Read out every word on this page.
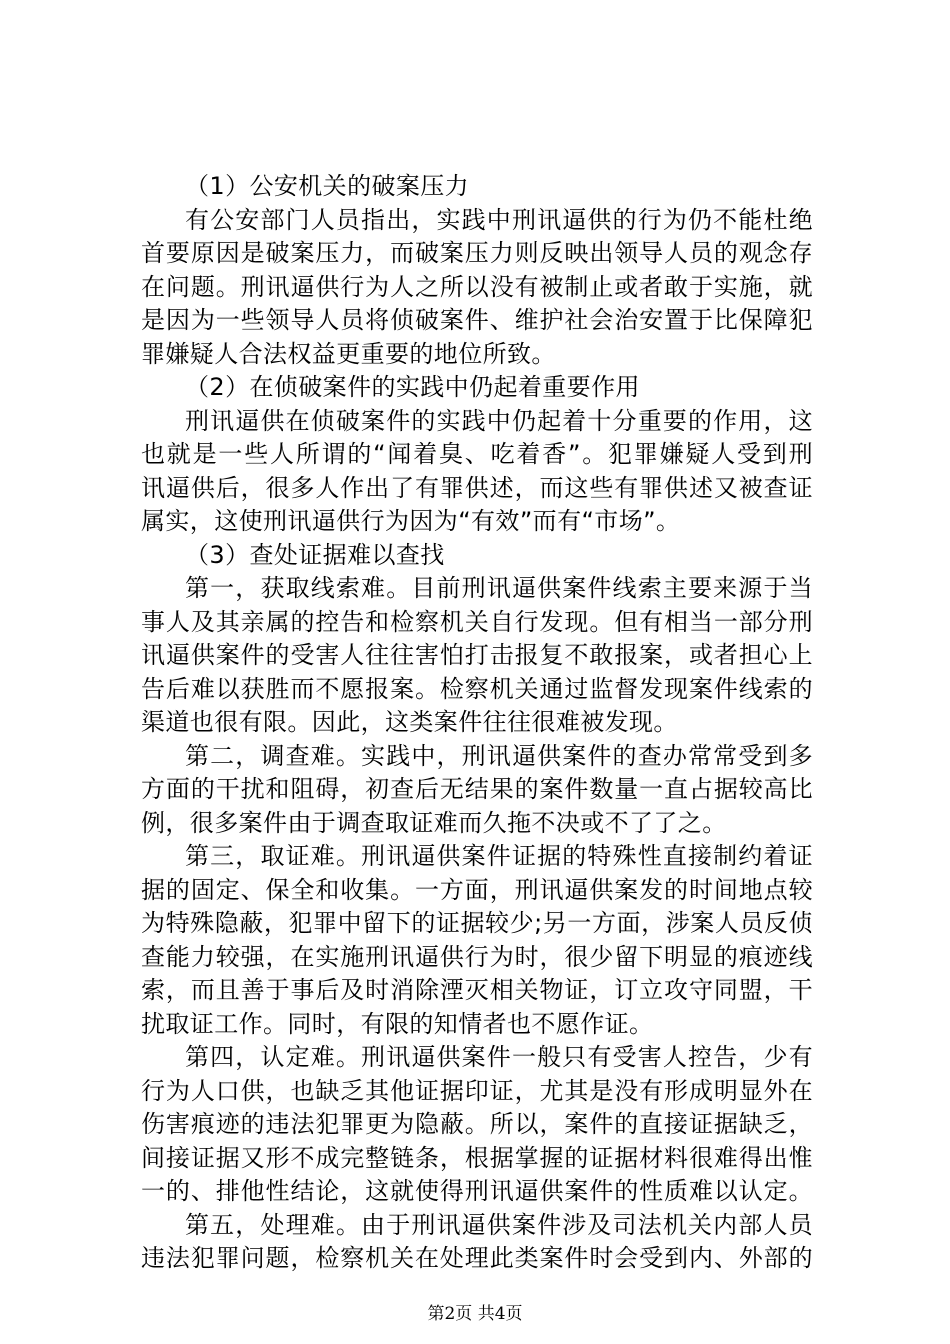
（1）公安机关的破案压力
有公安部门人员指出，实践中刑讯逼供的行为仍不能杜绝
首要原因是破案压力，而破案压力则反映出领导人员的观念存
在问题。刑讯逼供行为人之所以没有被制止或者敢于实施，就
是因为一些领导人员将侦破案件、维护社会治安置于比保障犯
罪嫌疑人合法权益更重要的地位所致。
（2）在侦破案件的实践中仍起着重要作用
刑讯逼供在侦破案件的实践中仍起着十分重要的作用，这
也就是一些人所谓的“闻着臭、吃着香”。犯罪嫌疑人受到刑
讯逼供后，很多人作出了有罪供述，而这些有罪供述又被查证
属实，这使刑讯逼供行为因为“有效”而有“市场”。
（3）查处证据难以查找
第一，获取线索难。目前刑讯逼供案件线索主要来源于当
事人及其亲属的控告和检察机关自行发现。但有相当一部分刑
讯逼供案件的受害人往往害怕打击报复不敢报案，或者担心上
告后难以获胜而不愿报案。检察机关通过监督发现案件线索的
渠道也很有限。因此，这类案件往往很难被发现。
第二，调查难。实践中，刑讯逼供案件的查办常常受到多
方面的干扰和阻碍，初查后无结果的案件数量一直占据较高比
例，很多案件由于调查取证难而久拖不决或不了了之。
第三，取证难。刑讯逼供案件证据的特殊性直接制约着证
据的固定、保全和收集。一方面，刑讯逼供案发的时间地点较
为特殊隐蔽，犯罪中留下的证据较少;另一方面，涉案人员反侦
查能力较强，在实施刑讯逼供行为时，很少留下明显的痕迹线
索，而且善于事后及时消除湮灭相关物证，订立攻守同盟，干
扰取证工作。同时，有限的知情者也不愿作证。
第四，认定难。刑讯逼供案件一般只有受害人控告，少有
行为人口供，也缺乏其他证据印证，尤其是没有形成明显外在
伤害痕迹的违法犯罪更为隐蔽。所以，案件的直接证据缺乏，
间接证据又形不成完整链条，根据掌握的证据材料很难得出惟
一的、排他性结论，这就使得刑讯逼供案件的性质难以认定。
第五，处理难。由于刑讯逼供案件涉及司法机关内部人员
违法犯罪问题，检察机关在处理此类案件时会受到内、外部的
第2页 共4页
